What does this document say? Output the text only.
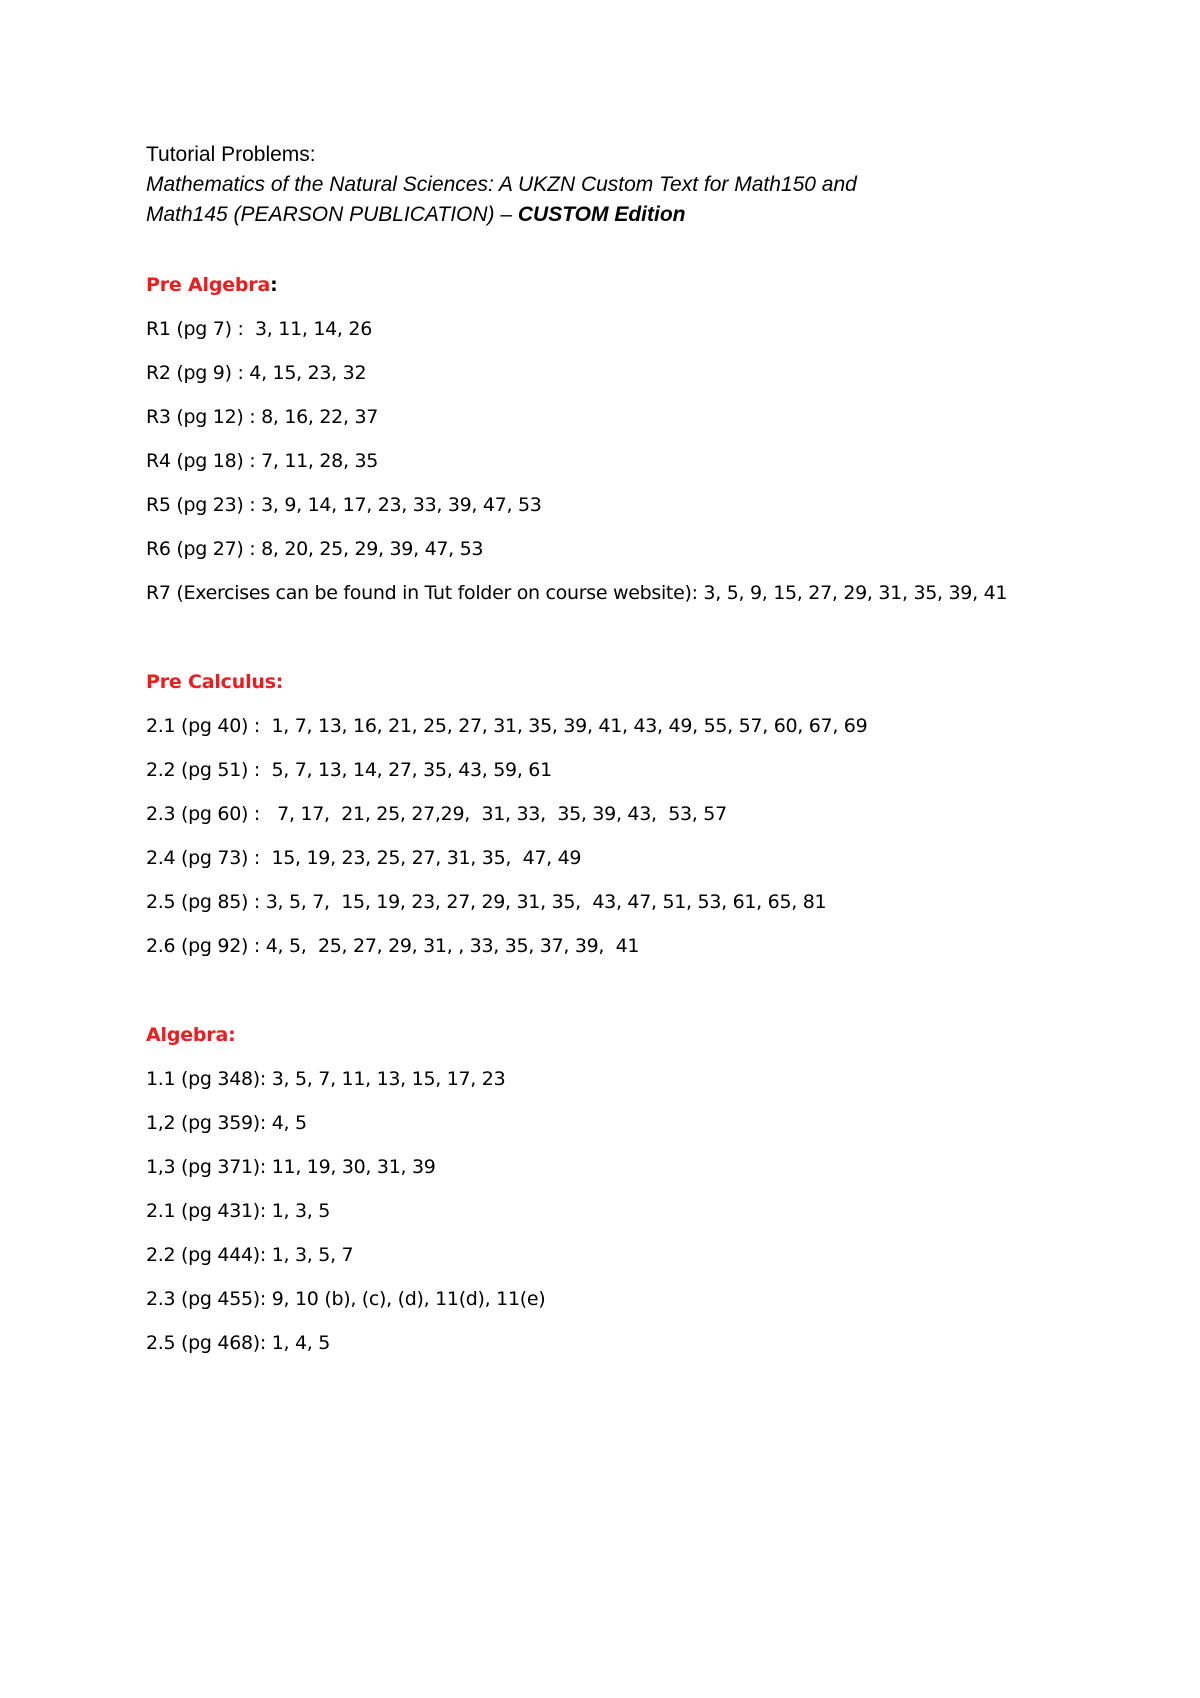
Tutorial Problems:
Mathematics of the Natural Sciences: A UKZN Custom Text for Math150 and
Math145 (PEARSON PUBLICATION) – CUSTOM Edition
Pre Algebra:
R1 (pg 7) :  3, 11, 14, 26
R2 (pg 9) : 4, 15, 23, 32
R3 (pg 12) : 8, 16, 22, 37
R4 (pg 18) : 7, 11, 28, 35
R5 (pg 23) : 3, 9, 14, 17, 23, 33, 39, 47, 53
R6 (pg 27) : 8, 20, 25, 29, 39, 47, 53
R7 (Exercises can be found in Tut folder on course website): 3, 5, 9, 15, 27, 29, 31, 35, 39, 41
Pre Calculus:
2.1 (pg 40) :  1, 7, 13, 16, 21, 25, 27, 31, 35, 39, 41, 43, 49, 55, 57, 60, 67, 69
2.2 (pg 51) :  5, 7, 13, 14, 27, 35, 43, 59, 61
2.3 (pg 60) :   7, 17,  21, 25, 27,29,  31, 33,  35, 39, 43,  53, 57
2.4 (pg 73) :  15, 19, 23, 25, 27, 31, 35,  47, 49
2.5 (pg 85) : 3, 5, 7,  15, 19, 23, 27, 29, 31, 35,  43, 47, 51, 53, 61, 65, 81
2.6 (pg 92) : 4, 5,  25, 27, 29, 31, , 33, 35, 37, 39,  41
Algebra:
1.1 (pg 348): 3, 5, 7, 11, 13, 15, 17, 23
1,2 (pg 359): 4, 5
1,3 (pg 371): 11, 19, 30, 31, 39
2.1 (pg 431): 1, 3, 5
2.2 (pg 444): 1, 3, 5, 7
2.3 (pg 455): 9, 10 (b), (c), (d), 11(d), 11(e)
2.5 (pg 468): 1, 4, 5
